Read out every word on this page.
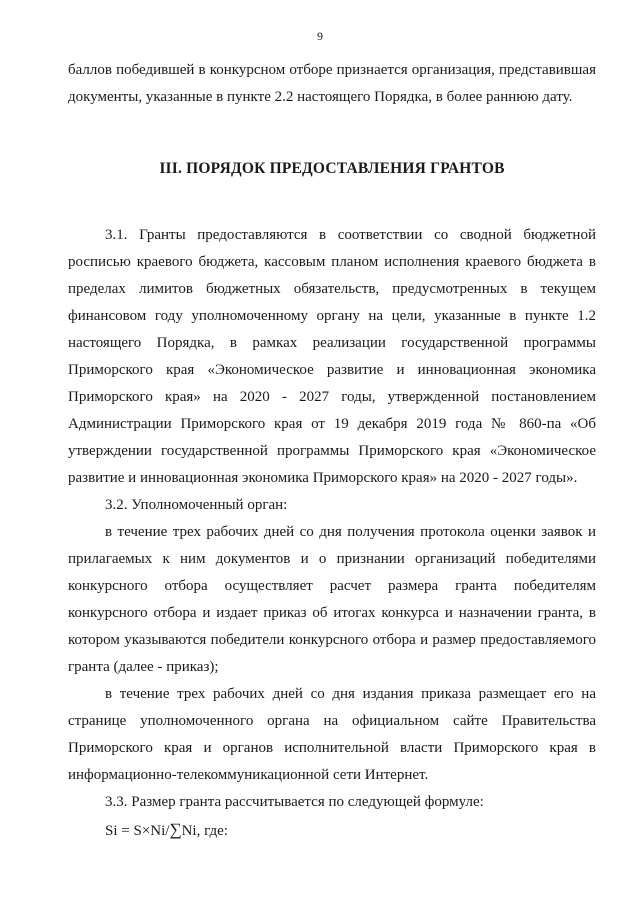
9

баллов победившей в конкурсном отборе признается организация, представившая документы, указанные в пункте 2.2 настоящего Порядка, в более раннюю дату.

III. ПОРЯДОК ПРЕДОСТАВЛЕНИЯ ГРАНТОВ

3.1. Гранты предоставляются в соответствии со сводной бюджетной росписью краевого бюджета, кассовым планом исполнения краевого бюджета в пределах лимитов бюджетных обязательств, предусмотренных в текущем финансовом году уполномоченному органу на цели, указанные в пункте 1.2 настоящего Порядка, в рамках реализации государственной программы Приморского края «Экономическое развитие и инновационная экономика Приморского края» на 2020 - 2027 годы, утвержденной постановлением Администрации Приморского края от 19 декабря 2019 года № 860-па «Об утверждении государственной программы Приморского края «Экономическое развитие и инновационная экономика Приморского края» на 2020 - 2027 годы».

3.2. Уполномоченный орган:

в течение трех рабочих дней со дня получения протокола оценки заявок и прилагаемых к ним документов и о признании организаций победителями конкурсного отбора осуществляет расчет размера гранта победителям конкурсного отбора и издает приказ об итогах конкурса и назначении гранта, в котором указываются победители конкурсного отбора и размер предоставляемого гранта (далее - приказ);

в течение трех рабочих дней со дня издания приказа размещает его на странице уполномоченного органа на официальном сайте Правительства Приморского края и органов исполнительной власти Приморского края в информационно-телекоммуникационной сети Интернет.

3.3. Размер гранта рассчитывается по следующей формуле:

Si = S×Ni/∑Ni, где:
